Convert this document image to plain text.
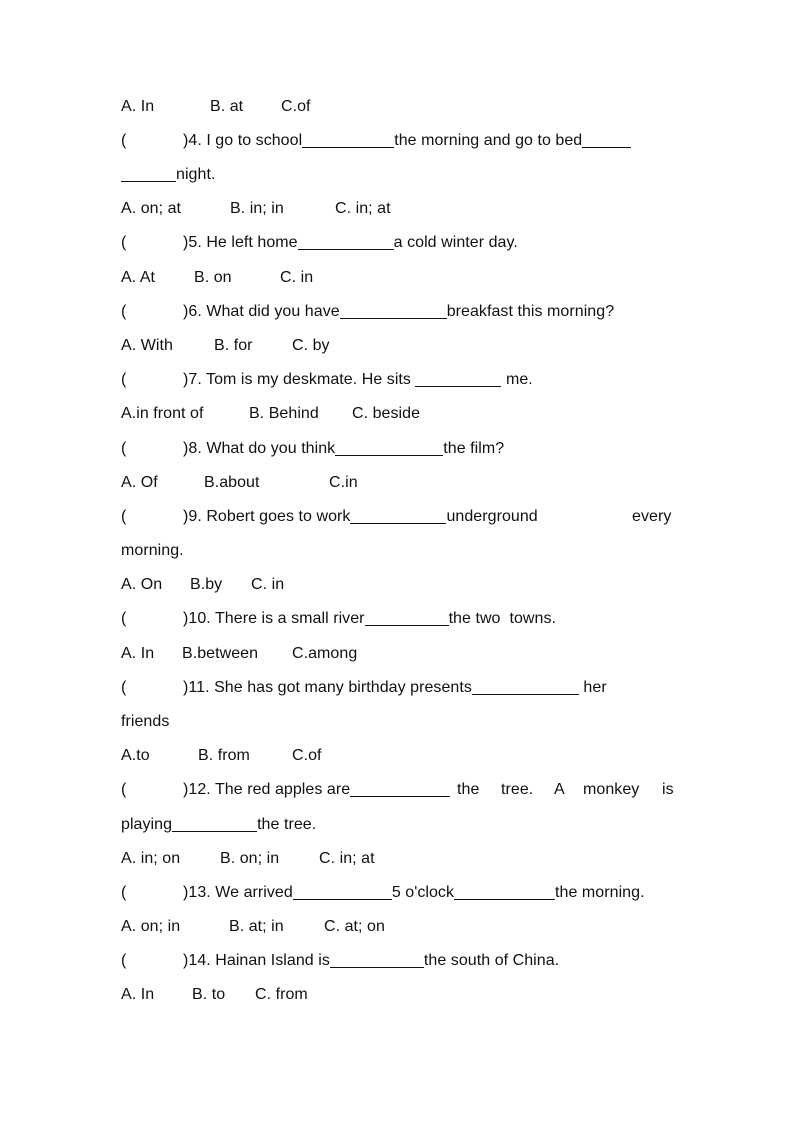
A. In

	B. at

C.of

(

	)4. I go to school	the morning and go to bed

night.

A. on; at

	B. in; in

	C. in; at

(

	)5. He left home	a cold winter day.

A. At

B. on

	C. in

(

	)6. What did you have	breakfast this morning?

A. With

	B. for

C. by

(

	)7. Tom is my deskmate. He sits	me.

A.in front of

	B. Behind

C. beside

(

	)8. What do you think	the film?

A. Of

	B.about

	C.in

(

	)9. Robert goes to work	underground

	every

morning.

A. On

B.by

C. in

(

	)10. There is a small river	the two  towns.

A. In

B.between

C.among

(

	)11. She has got many birthday presents	her

friends

A.to

	B. from

	C.of

(

	)12. The red apples are

	the

tree.

A

monkey

is

playing	the tree.

A. in; on

B. on; in

C. in; at

(

	)13. We arrived	5 o'clock	the morning.

A. on; in

	B. at; in

	C. at; on

(

	)14. Hainan Island is	the south of China.

A. In

B. to

C. from
